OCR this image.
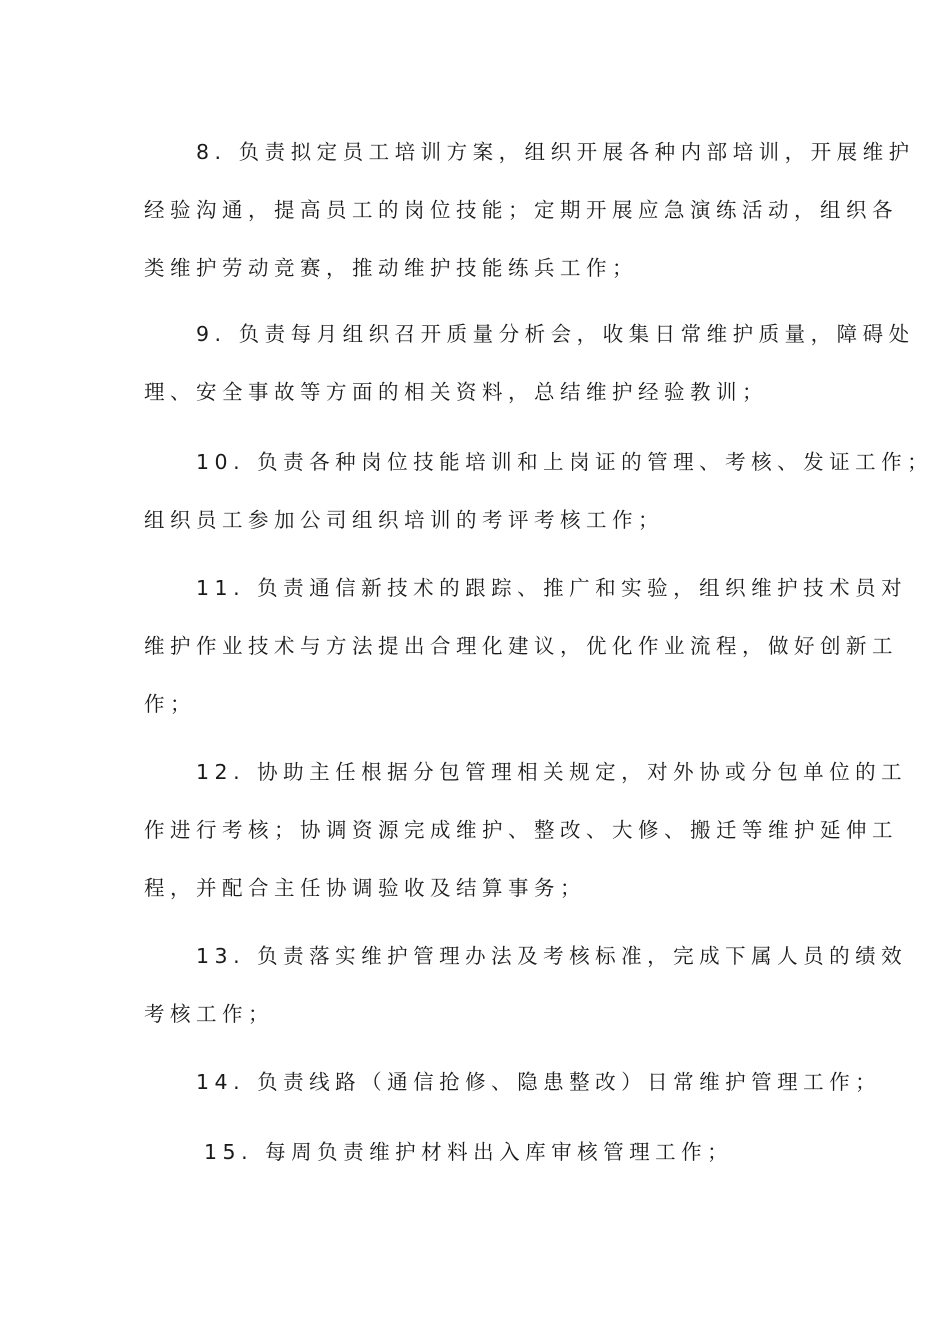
8. 负责拟定员工培训方案，组织开展各种内部培训，开展维护
经验沟通，提高员工的岗位技能；定期开展应急演练活动，组织各
类维护劳动竞赛，推动维护技能练兵工作；
9. 负责每月组织召开质量分析会，收集日常维护质量，障碍处
理、安全事故等方面的相关资料，总结维护经验教训；
10. 负责各种岗位技能培训和上岗证的管理、考核、发证工作；
组织员工参加公司组织培训的考评考核工作；
11. 负责通信新技术的跟踪、推广和实验，组织维护技术员对
维护作业技术与方法提出合理化建议，优化作业流程，做好创新工
作；
12. 协助主任根据分包管理相关规定，对外协或分包单位的工
作进行考核；协调资源完成维护、整改、大修、搬迁等维护延伸工
程，并配合主任协调验收及结算事务；
13. 负责落实维护管理办法及考核标准，完成下属人员的绩效
考核工作；
14. 负责线路（通信抢修、隐患整改）日常维护管理工作；
15. 每周负责维护材料出入库审核管理工作；
